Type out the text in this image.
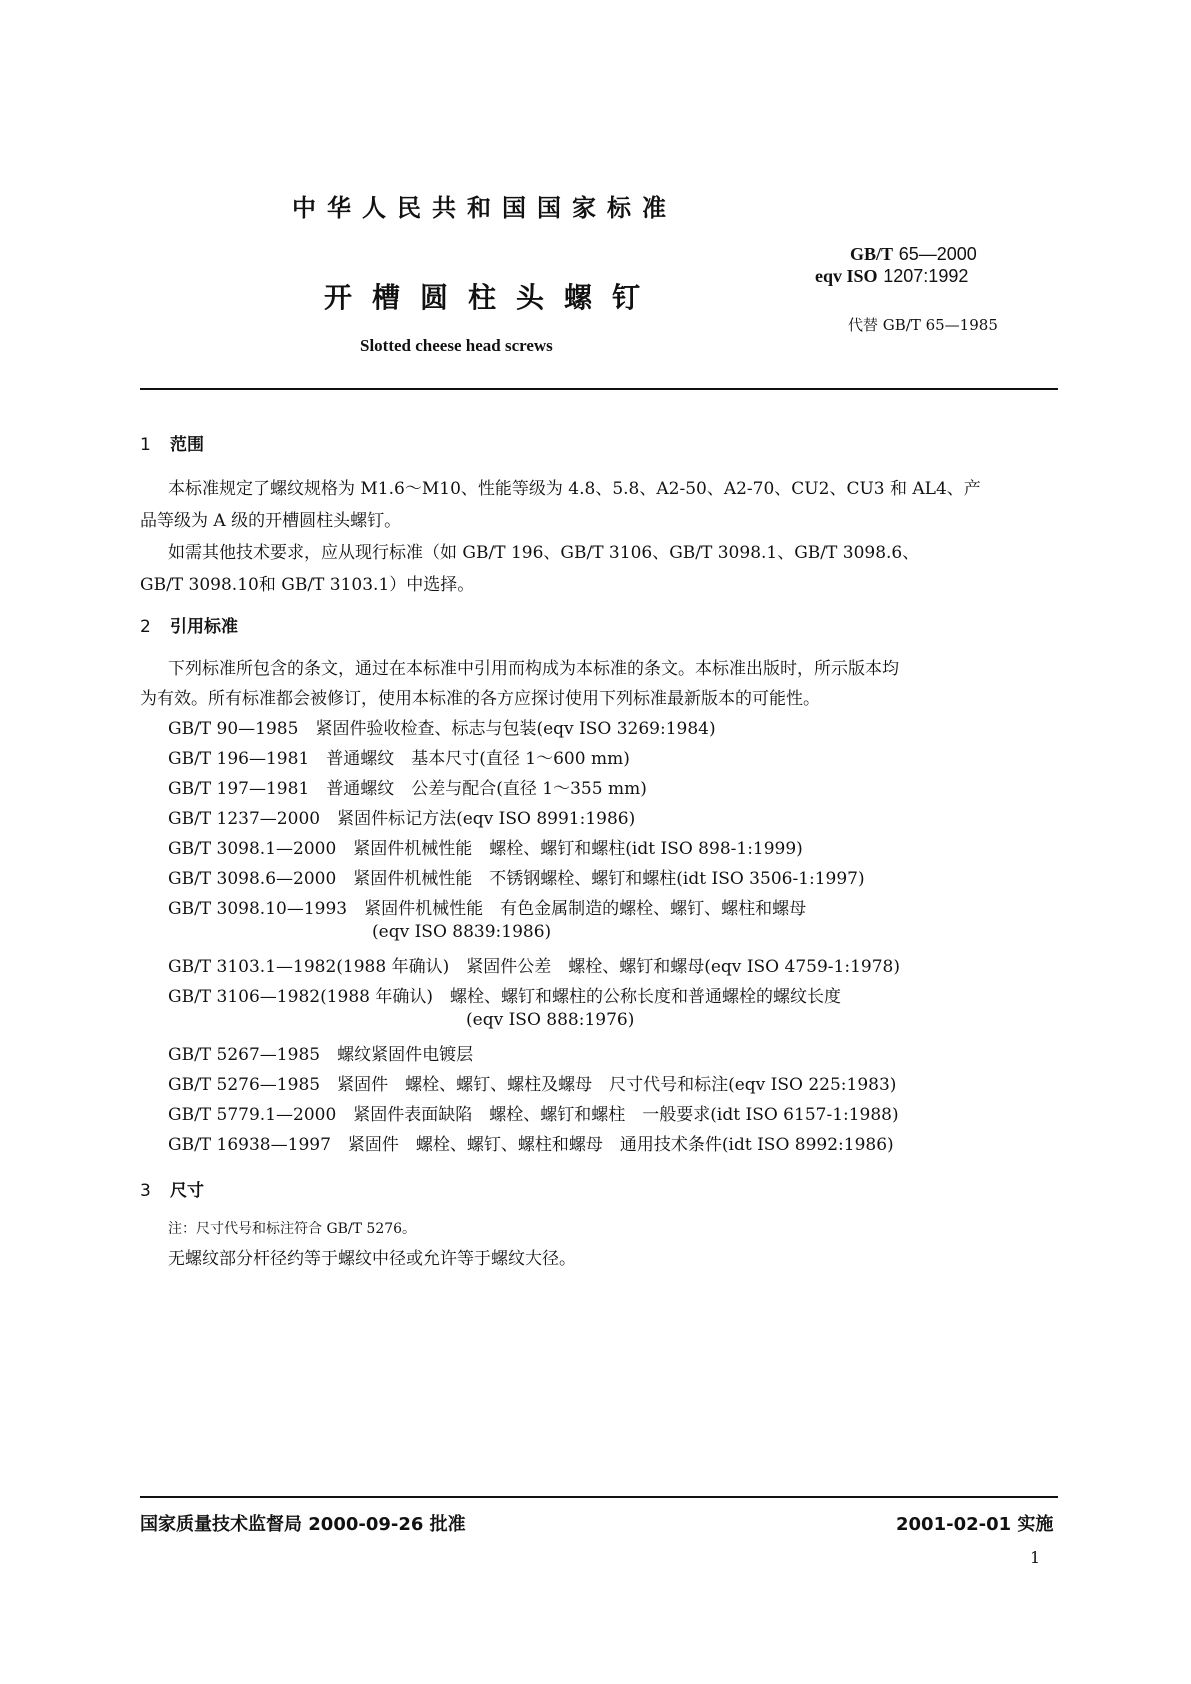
中华人民共和国国家标准
开槽圆柱头螺钉
Slotted cheese head screws
GB/T 65—2000
eqv ISO 1207:1992
代替 GB/T 65—1985
1 范围
本标准规定了螺纹规格为 M1.6～M10、性能等级为 4.8、5.8、A2-50、A2-70、CU2、CU3 和 AL4、产
品等级为 A 级的开槽圆柱头螺钉。
如需其他技术要求，应从现行标准（如 GB/T 196、GB/T 3106、GB/T 3098.1、GB/T 3098.6、
GB/T 3098.10和 GB/T 3103.1）中选择。
2 引用标准
下列标准所包含的条文，通过在本标准中引用而构成为本标准的条文。本标准出版时，所示版本均
为有效。所有标准都会被修订，使用本标准的各方应探讨使用下列标准最新版本的可能性。
GB/T 90—1985　 紧固件验收检查、标志与包装(eqv ISO 3269:1984)
GB/T 196—1981　 普通螺纹　基本尺寸(直径 1～600 mm)
GB/T 197—1981　 普通螺纹　公差与配合(直径 1～355 mm)
GB/T 1237—2000　 紧固件标记方法(eqv ISO 8991:1986)
GB/T 3098.1—2000　 紧固件机械性能　螺栓、螺钉和螺柱(idt ISO 898-1:1999)
GB/T 3098.6—2000　 紧固件机械性能　不锈钢螺栓、螺钉和螺柱(idt ISO 3506-1:1997)
GB/T 3098.10—1993　 紧固件机械性能　有色金属制造的螺栓、螺钉、螺柱和螺母
(eqv ISO 8839:1986)
GB/T 3103.1—1982(1988 年确认)　 紧固件公差　螺栓、螺钉和螺母(eqv ISO 4759-1:1978)
GB/T 3106—1982(1988 年确认)　 螺栓、螺钉和螺柱的公称长度和普通螺栓的螺纹长度
(eqv ISO 888:1976)
GB/T 5267—1985　 螺纹紧固件电镀层
GB/T 5276—1985　 紧固件　螺栓、螺钉、螺柱及螺母　尺寸代号和标注(eqv ISO 225:1983)
GB/T 5779.1—2000　 紧固件表面缺陷　螺栓、螺钉和螺柱　一般要求(idt ISO 6157-1:1988)
GB/T 16938—1997　 紧固件　螺栓、螺钉、螺柱和螺母　通用技术条件(idt ISO 8992:1986)
3 尺寸
注：尺寸代号和标注符合 GB/T 5276。
无螺纹部分杆径约等于螺纹中径或允许等于螺纹大径。
国家质量技术监督局 2000-09-26 批准	2001-02-01 实施
1
